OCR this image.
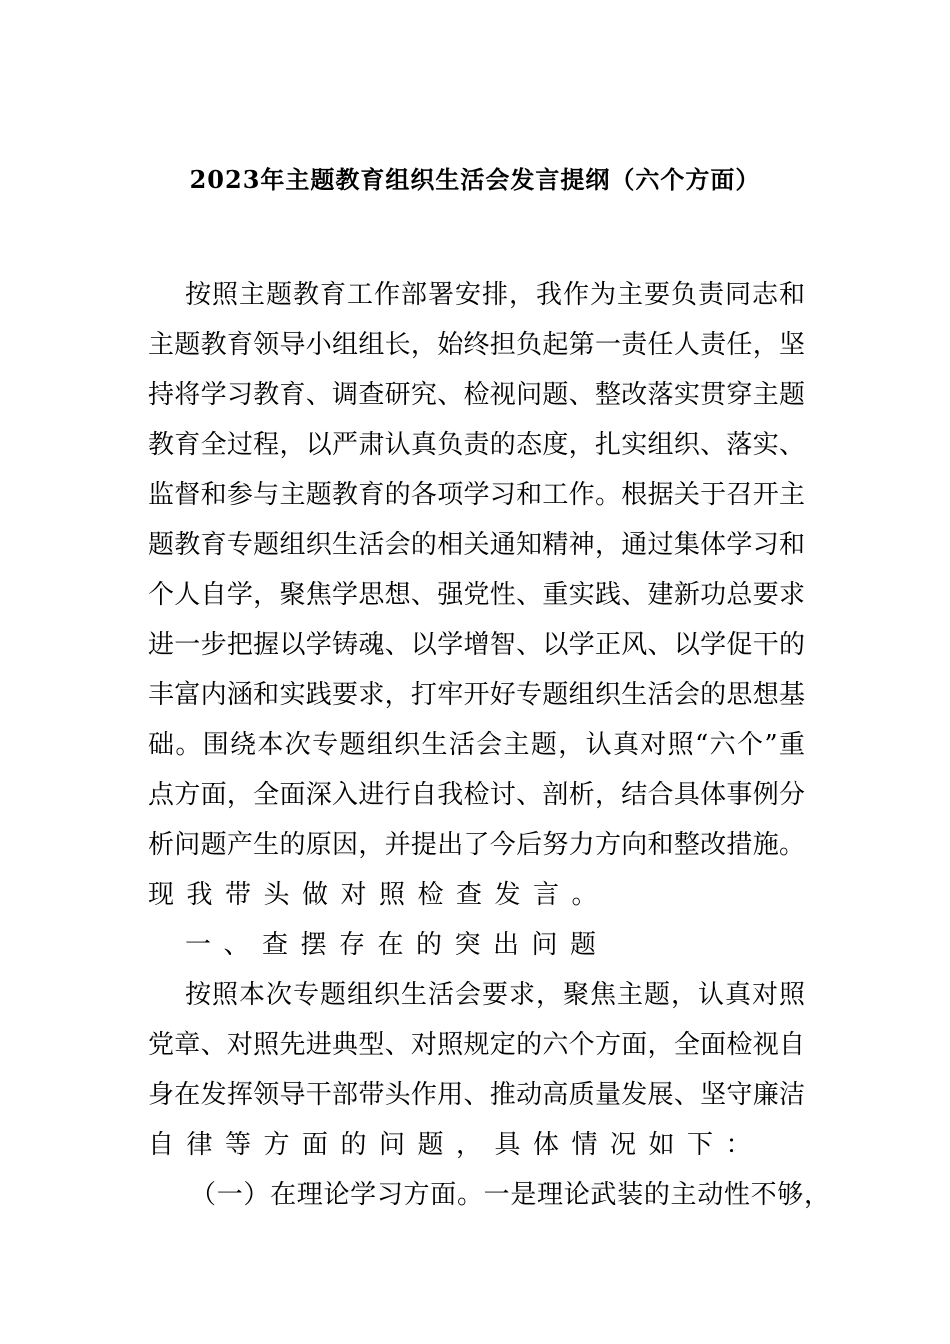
2023年主题教育组织生活会发言提纲（六个方面）
按照主题教育工作部署安排，我作为主要负责同志和
主题教育领导小组组长，始终担负起第一责任人责任，坚
持将学习教育、调查研究、检视问题、整改落实贯穿主题
教育全过程，以严肃认真负责的态度，扎实组织、落实、
监督和参与主题教育的各项学习和工作。根据关于召开主
题教育专题组织生活会的相关通知精神，通过集体学习和
个人自学，聚焦学思想、强党性、重实践、建新功总要求
进一步把握以学铸魂、以学增智、以学正风、以学促干的
丰富内涵和实践要求，打牢开好专题组织生活会的思想基
础。围绕本次专题组织生活会主题，认真对照“六个”重
点方面，全面深入进行自我检讨、剖析，结合具体事例分
析问题产生的原因，并提出了今后努力方向和整改措施。
现我带头做对照检查发言。
一、查摆存在的突出问题
按照本次专题组织生活会要求，聚焦主题，认真对照
党章、对照先进典型、对照规定的六个方面，全面检视自
身在发挥领导干部带头作用、推动高质量发展、坚守廉洁
自律等方面的问题，具体情况如下：
（一）在理论学习方面。一是理论武装的主动性不够，
